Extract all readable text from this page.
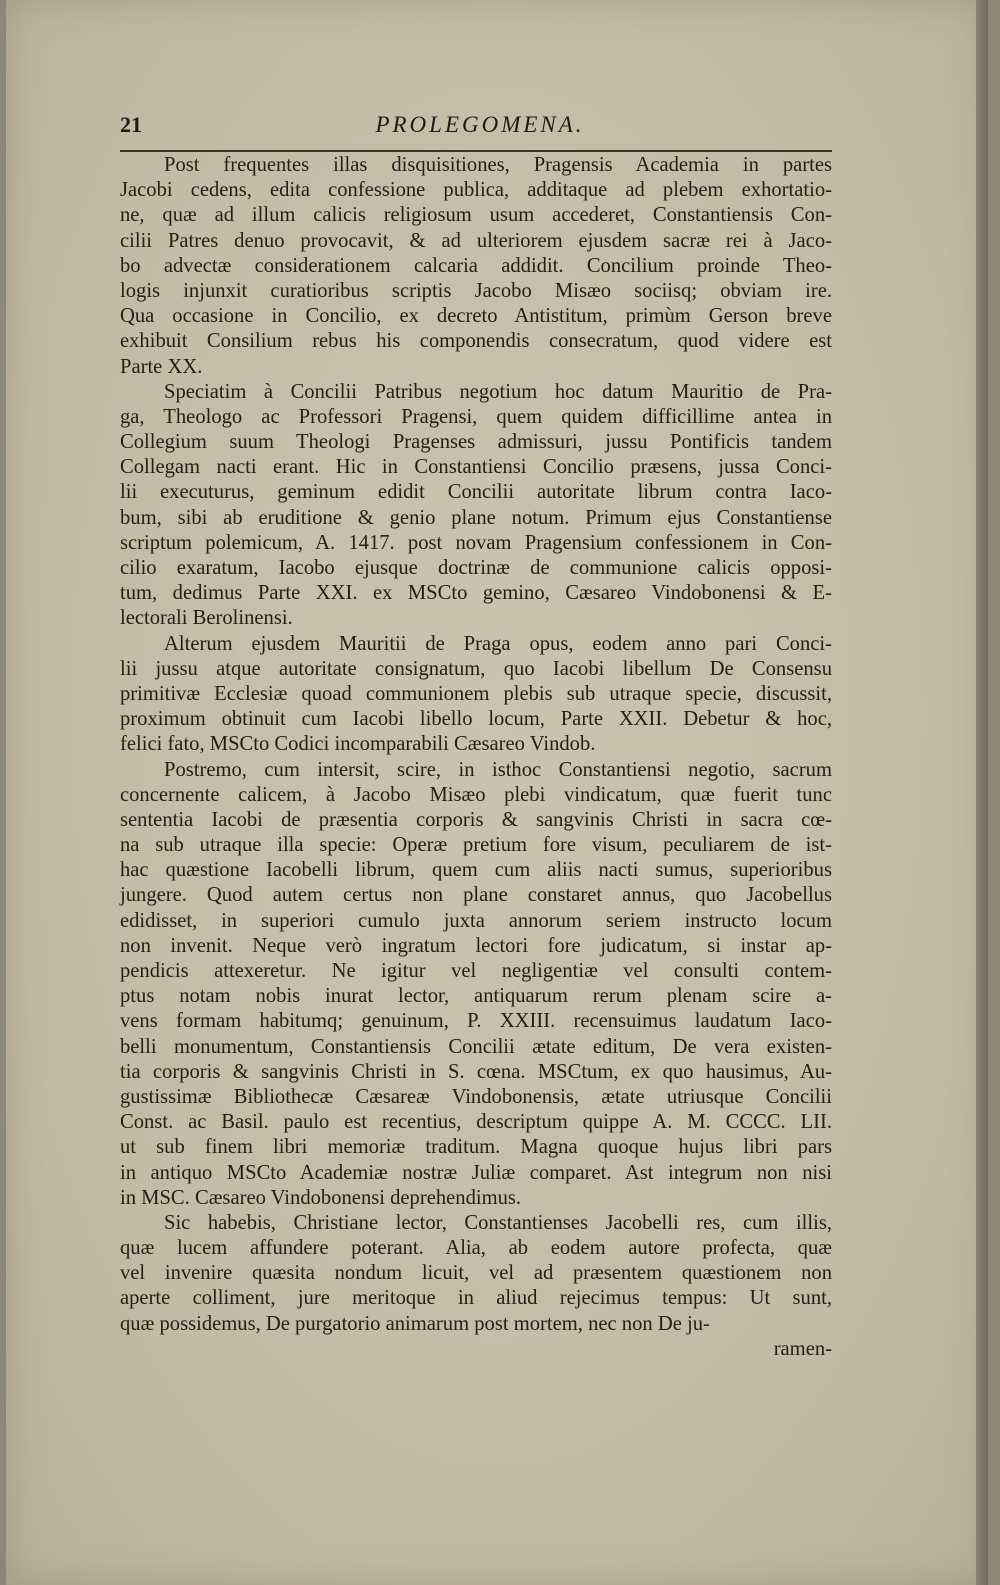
21	PROLEGOMENA.
Post frequentes illas disquisitiones, Pragensis Academia in partes
Jacobi cedens, edita confessione publica, additaque ad plebem exhortatio-
ne, quæ ad illum calicis religiosum usum accederet, Constantiensis Con-
cilii Patres denuo provocavit, & ad ulteriorem ejusdem sacræ rei à Jaco-
bo advectæ considerationem calcaria addidit. Concilium proinde Theo-
logis injunxit curatioribus scriptis Jacobo Misæo sociisq; obviam ire.
Qua occasione in Concilio, ex decreto Antistitum, primùm Gerson breve
exhibuit Consilium rebus his componendis consecratum, quod videre est
Parte XX.
Speciatim à Concilii Patribus negotium hoc datum Mauritio de Pra-
ga, Theologo ac Professori Pragensi, quem quidem difficillime antea in
Collegium suum Theologi Pragenses admissuri, jussu Pontificis tandem
Collegam nacti erant. Hic in Constantiensi Concilio præsens, jussa Conci-
lii executurus, geminum edidit Concilii autoritate librum contra Iaco-
bum, sibi ab eruditione & genio plane notum. Primum ejus Constantiense
scriptum polemicum, A. 1417. post novam Pragensium confessionem in Con-
cilio exaratum, Iacobo ejusque doctrinæ de communione calicis opposi-
tum, dedimus Parte XXI. ex MSCto gemino, Cæsareo Vindobonensi & E-
lectorali Berolinensi.
Alterum ejusdem Mauritii de Praga opus, eodem anno pari Conci-
lii jussu atque autoritate consignatum, quo Iacobi libellum De Consensu
primitivæ Ecclesiæ quoad communionem plebis sub utraque specie, discussit,
proximum obtinuit cum Iacobi libello locum, Parte XXII. Debetur & hoc,
felici fato, MSCto Codici incomparabili Cæsareo Vindob.
Postremo, cum intersit, scire, in isthoc Constantiensi negotio, sacrum
concernente calicem, à Jacobo Misæo plebi vindicatum, quæ fuerit tunc
sententia Iacobi de præsentia corporis & sangvinis Christi in sacra cœ-
na sub utraque illa specie: Operæ pretium fore visum, peculiarem de ist-
hac quæstione Iacobelli librum, quem cum aliis nacti sumus, superioribus
jungere. Quod autem certus non plane constaret annus, quo Jacobellus
edidisset, in superiori cumulo juxta annorum seriem instructo locum
non invenit. Neque verò ingratum lectori fore judicatum, si instar ap-
pendicis attexeretur. Ne igitur vel negligentiæ vel consulti contem-
ptus notam nobis inurat lector, antiquarum rerum plenam scire a-
vens formam habitumq; genuinum, P. XXIII. recensuimus laudatum Iaco-
belli monumentum, Constantiensis Concilii ætate editum, De vera existen-
tia corporis & sangvinis Christi in S. cœna. MSCtum, ex quo hausimus, Au-
gustissimæ Bibliothecæ Cæsareæ Vindobonensis, ætate utriusque Concilii
Const. ac Basil. paulo est recentius, descriptum quippe A. M. CCCC. LII.
ut sub finem libri memoriæ traditum. Magna quoque hujus libri pars
in antiquo MSCto Academiæ nostræ Juliæ comparet. Ast integrum non nisi
in MSC. Cæsareo Vindobonensi deprehendimus.
Sic habebis, Christiane lector, Constantienses Jacobelli res, cum illis,
quæ lucem affundere poterant. Alia, ab eodem autore profecta, quæ
vel invenire quæsita nondum licuit, vel ad præsentem quæstionem non
aperte colliment, jure meritoque in aliud rejecimus tempus: Ut sunt,
quæ possidemus, De purgatorio animarum post mortem, nec non De ju-
ramen-
